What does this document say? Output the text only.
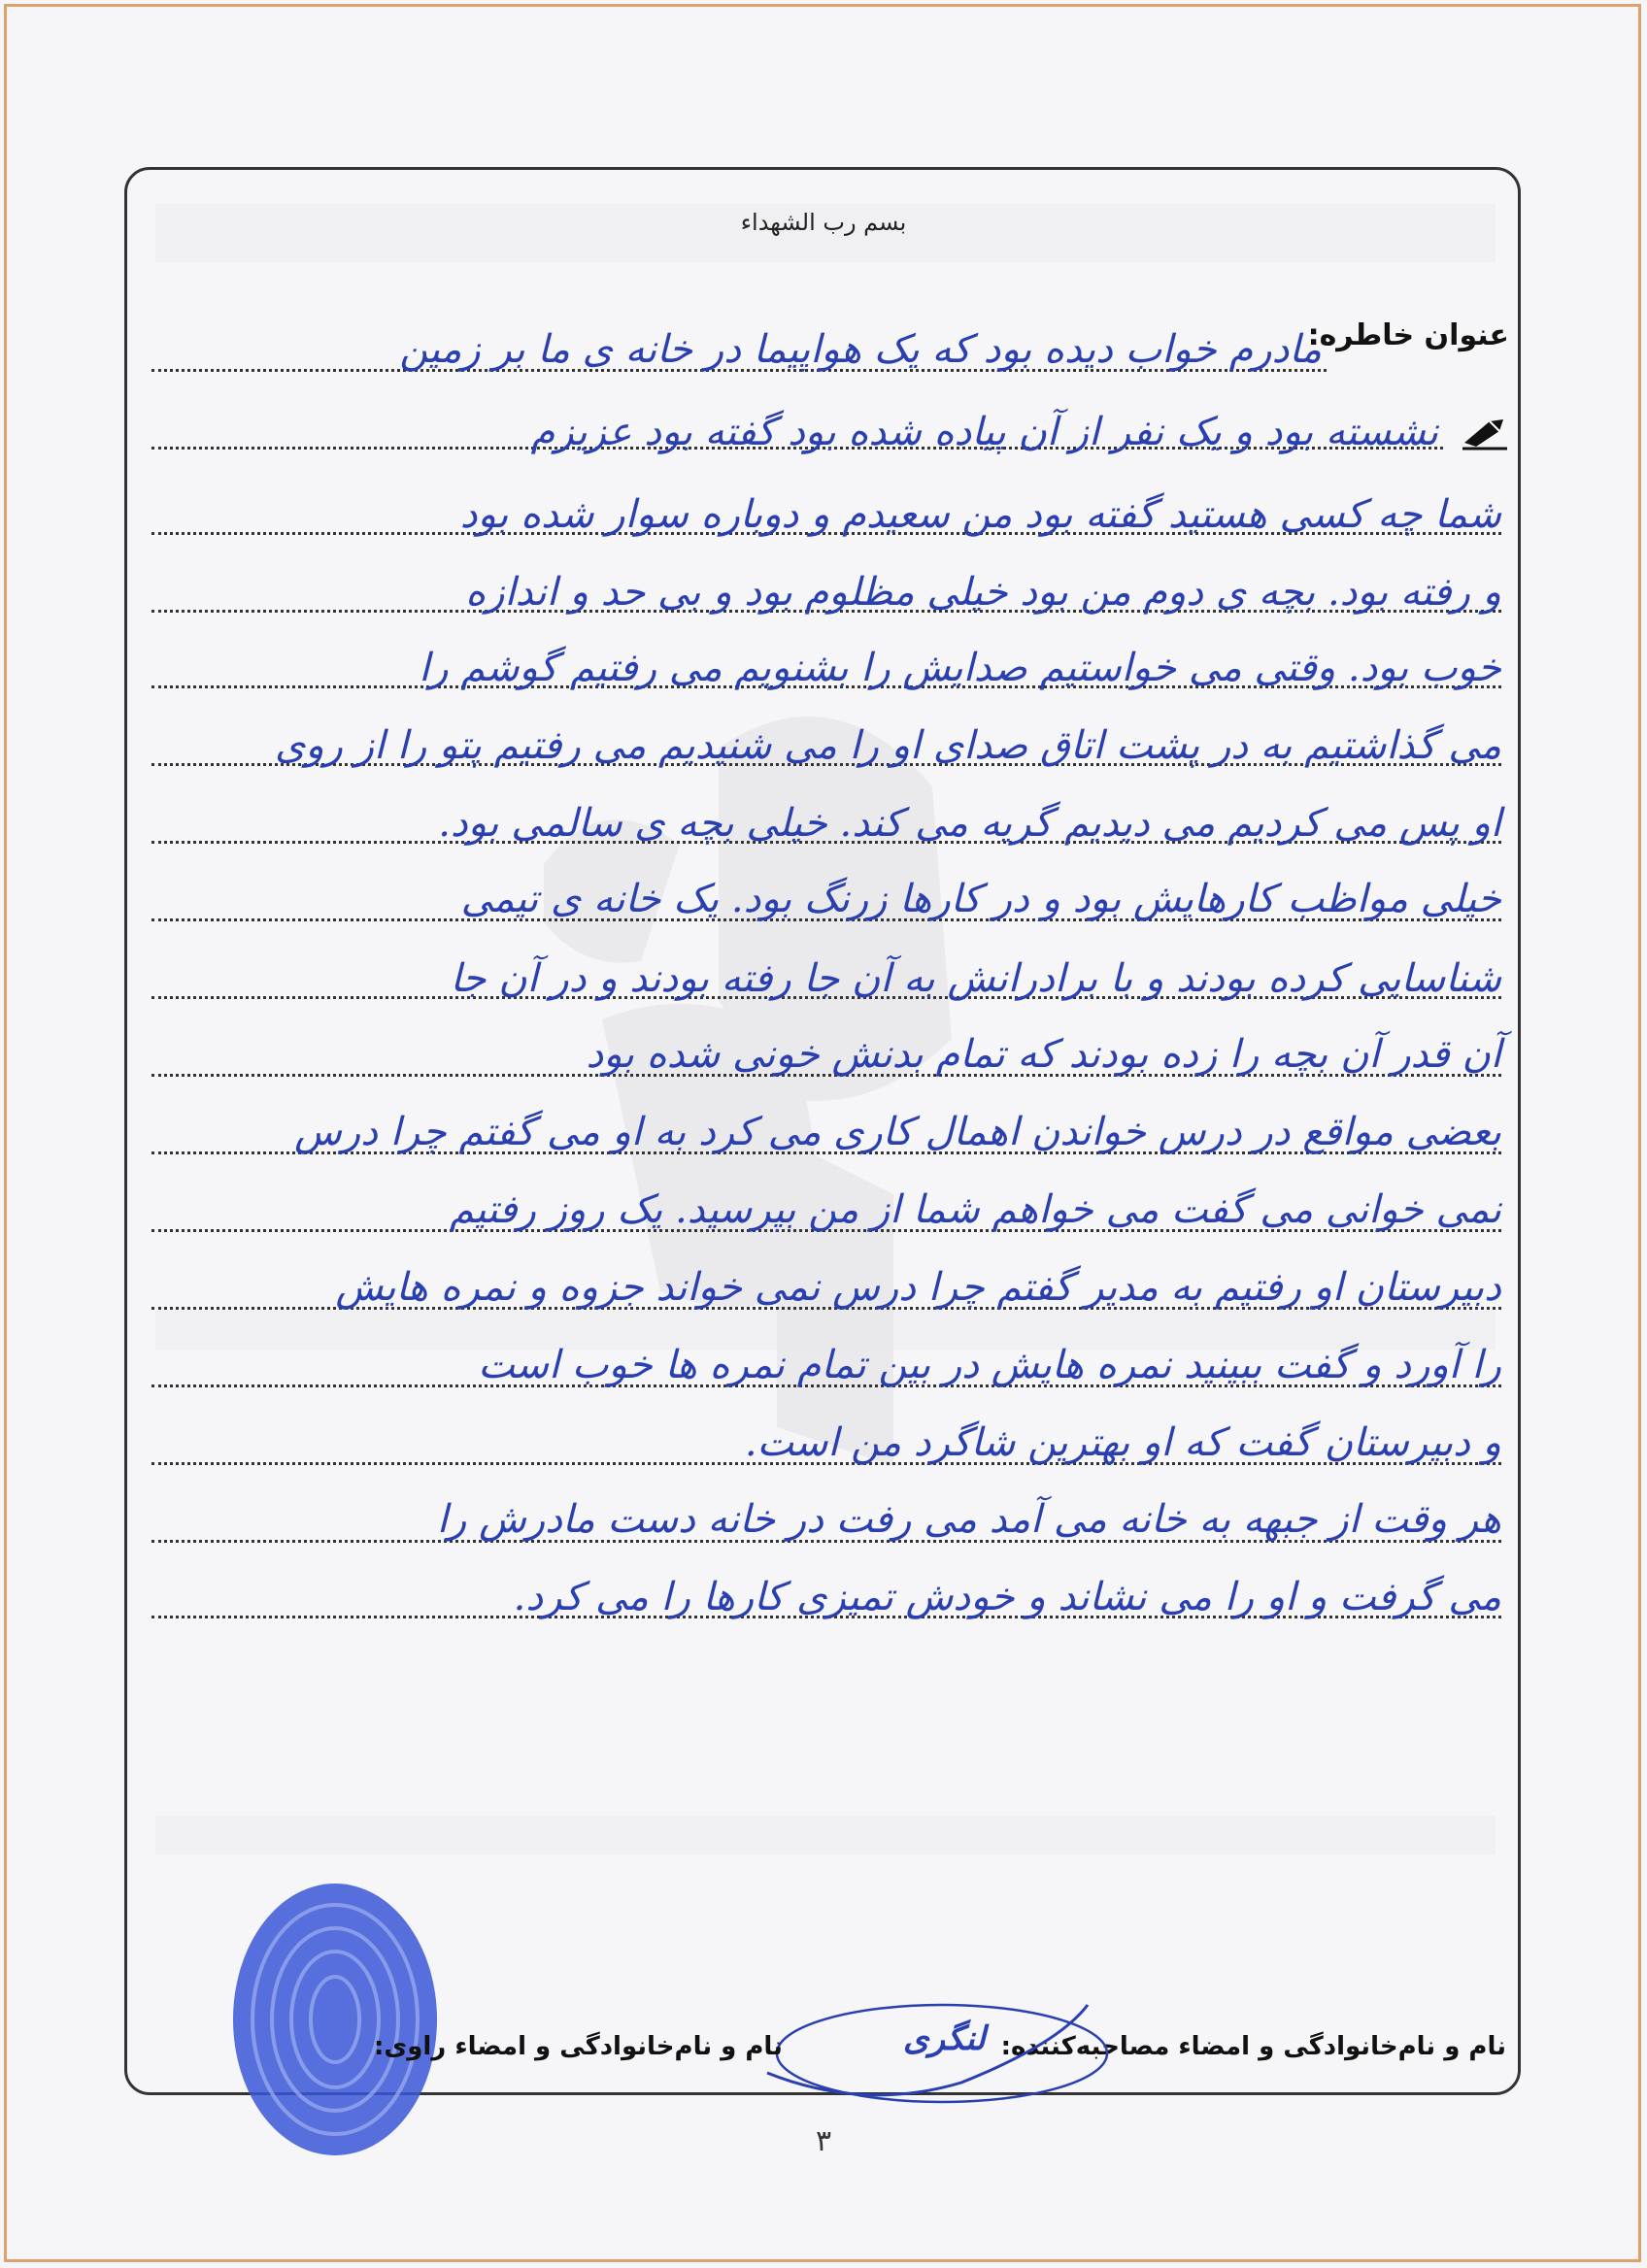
بسم رب الشهداء
عنوان خاطره:
مادرم خواب دیده بود که یک هواپیما در خانه ی ما بر زمین
نشسته بود و یک نفر از آن پیاده شده بود گفته بود عزیزم
شما چه کسی هستید گفته بود من سعیدم و دوباره سوار شده بود
و رفته بود. بچه ی دوم من بود خیلی مظلوم بود و بی حد و اندازه
خوب بود. وقتی می خواستیم صدایش را بشنویم می رفتیم گوشم را
می گذاشتیم به در پشت اتاق صدای او را می شنیدیم می رفتیم پتو را از روی
او پس می کردیم می دیدیم گریه می کند. خیلی بچه ی سالمی بود.
خیلی مواظب کارهایش بود و در کارها زرنگ بود. یک خانه ی تیمی
شناسایی کرده بودند و با برادرانش به آن جا رفته بودند و در آن جا
آن قدر آن بچه را زده بودند که تمام بدنش خونی شده بود
بعضی مواقع در درس خواندن اهمال کاری می کرد به او می گفتم چرا درس
نمی خوانی می گفت می خواهم شما از من بپرسید. یک روز رفتیم
دبیرستان او رفتیم به مدیر گفتم چرا درس نمی خواند جزوه و نمره هایش
را آورد و گفت ببینید نمره هایش در بین تمام نمره ها خوب است
و دبیرستان گفت که او بهترین شاگرد من است.
هر وقت از جبهه به خانه می آمد می رفت در خانه دست مادرش را
می گرفت و او را می نشاند و خودش تمیزی کارها را می کرد.
نام و نام‌خانوادگی و امضاء مصاحبه‌کننده:
لنگری
نام و نام‌خانوادگی و امضاء راوی:
۳
